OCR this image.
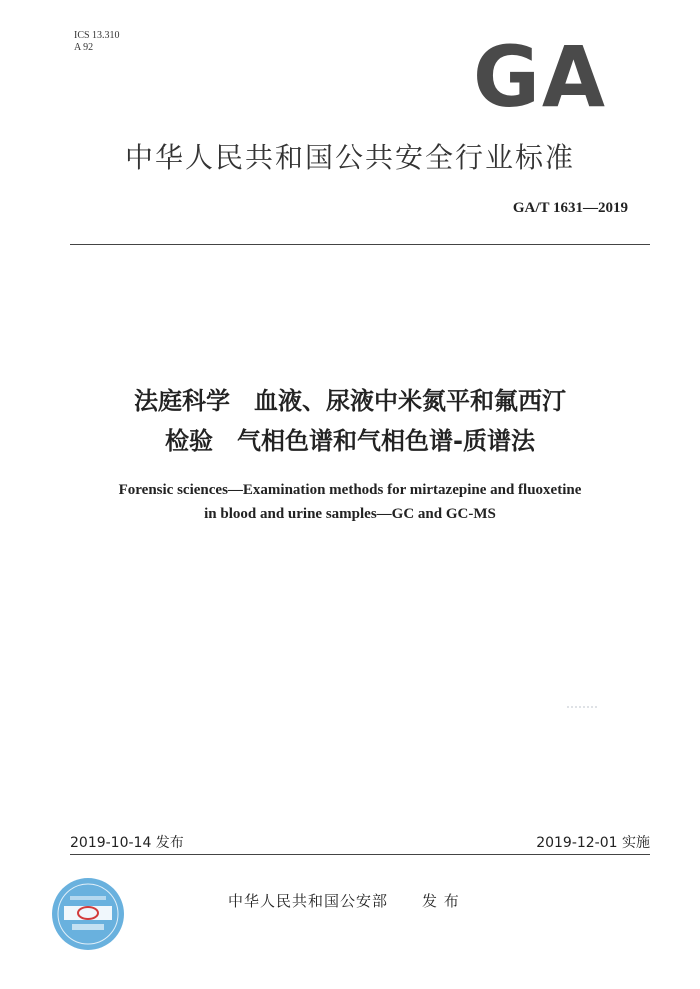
ICS 13.310
A 92	GA
中华人民共和国公共安全行业标准
GA/T 1631—2019
法庭科学　血液、尿液中米氮平和氟西汀
检验　气相色谱和气相色谱-质谱法
Forensic sciences—Examination methods for mirtazepine and fluoxetine
in blood and urine samples—GC and GC-MS
2019-10-14 发布	2019-12-01 实施
中华人民共和国公安部 发 布
